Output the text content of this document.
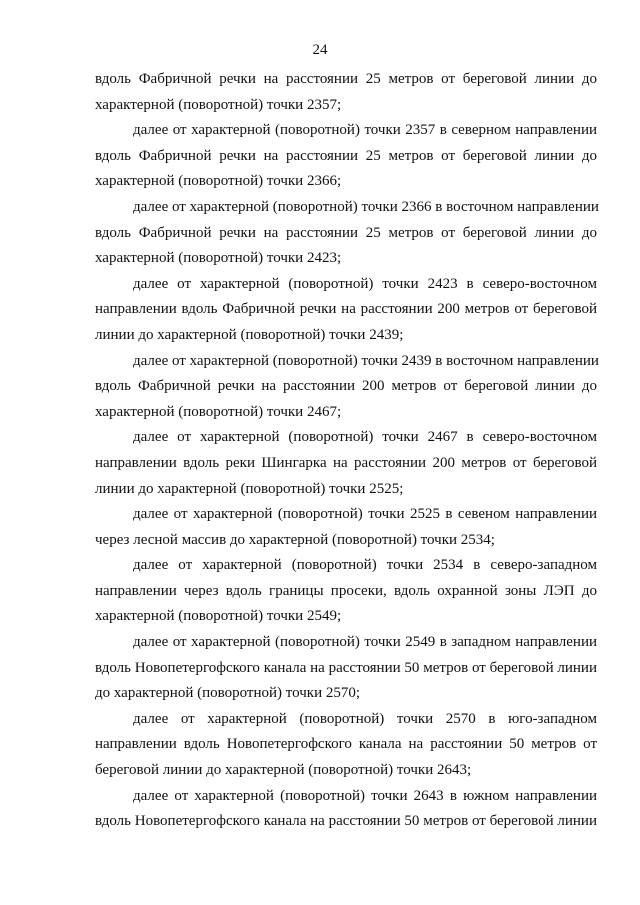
24
вдоль Фабричной речки на расстоянии 25 метров от береговой линии до
характерной (поворотной) точки 2357;
далее от характерной (поворотной) точки 2357 в северном направлении
вдоль Фабричной речки на расстоянии 25 метров от береговой линии до
характерной (поворотной) точки 2366;
далее от характерной (поворотной) точки 2366 в восточном направлении
вдоль Фабричной речки на расстоянии 25 метров от береговой линии до
характерной (поворотной) точки 2423;
далее от характерной (поворотной) точки 2423 в северо-восточном
направлении вдоль Фабричной речки на расстоянии 200 метров от береговой
линии до характерной (поворотной) точки 2439;
далее от характерной (поворотной) точки 2439 в восточном направлении
вдоль Фабричной речки на расстоянии 200 метров от береговой линии до
характерной (поворотной) точки 2467;
далее от характерной (поворотной) точки 2467 в северо-восточном
направлении вдоль реки Шингарка на расстоянии 200 метров от береговой
линии до характерной (поворотной) точки 2525;
далее от характерной (поворотной) точки 2525 в севеном направлении
через лесной массив до характерной (поворотной) точки 2534;
далее от характерной (поворотной) точки 2534 в северо-западном
направлении через вдоль границы просеки, вдоль охранной зоны ЛЭП до
характерной (поворотной) точки 2549;
далее от характерной (поворотной) точки 2549 в западном направлении
вдоль Новопетергофского канала на расстоянии 50 метров от береговой линии
до характерной (поворотной) точки 2570;
далее от характерной (поворотной) точки 2570 в юго-западном
направлении вдоль Новопетергофского канала на расстоянии 50 метров от
береговой линии до характерной (поворотной) точки 2643;
далее от характерной (поворотной) точки 2643 в южном направлении
вдоль Новопетергофского канала на расстоянии 50 метров от береговой линии
